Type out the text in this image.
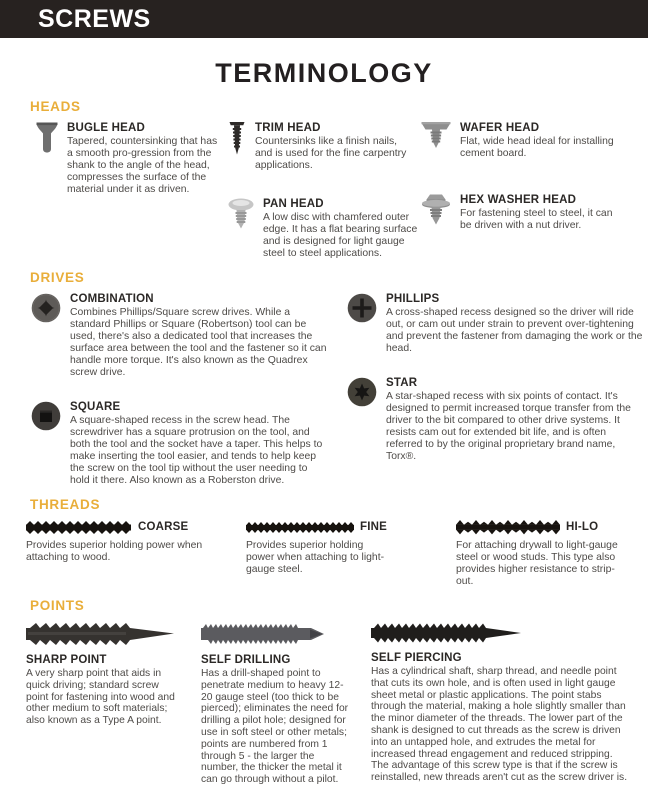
SCREWS
TERMINOLOGY
HEADS
BUGLE HEAD
Tapered, countersinking that has a smooth pro-gression from the shank to the angle of the head, compresses the surface of the material under it as driven.
TRIM HEAD
Countersinks like a finish nails, and is used for the fine carpentry applications.
PAN HEAD
A low disc with chamfered outer edge. It has a flat bearing surface and is designed for light gauge steel to steel applications.
WAFER HEAD
Flat, wide head ideal for installing cement board.
HEX WASHER HEAD
For fastening steel to steel, it can be driven with a nut driver.
DRIVES
COMBINATION
Combines Phillips/Square screw drives. While a standard Phillips or Square (Robertson) tool can be used, there's also a dedicated tool that increases the surface area between the tool and the fastener so it can handle more torque. It's also known as the Quadrex screw drive.
SQUARE
A square-shaped recess in the screw head. The screwdriver has a square protrusion on the tool, and both the tool and the socket have a taper. This helps to make inserting the tool easier, and tends to help keep the screw on the tool tip without the user needing to hold it there. Also known as a Roberston drive.
PHILLIPS
A cross-shaped recess designed so the driver will ride out, or cam out under strain to prevent over-tightening and prevent the fastener from damaging the work or the head.
STAR
A star-shaped recess with six points of contact. It's designed to permit increased torque transfer from the driver to the bit compared to other drive systems. It resists cam out for extended bit life, and is often referred to by the original proprietary brand name, Torx®.
THREADS
COARSE
Provides superior holding power when attaching to wood.
FINE
Provides superior holding power when attaching to light-gauge steel.
HI-LO
For attaching drywall to light-gauge steel or wood studs. This type also provides higher resistance to strip-out.
POINTS
SHARP POINT
A very sharp point that aids in quick driving; standard screw point for fastening into wood and other medium to soft materials; also known as a Type A point.
SELF DRILLING
Has a drill-shaped point to penetrate medium to heavy 12-20 gauge steel (too thick to be pierced); eliminates the need for drilling a pilot hole; designed for use in soft steel or other metals; points are numbered from 1 through 5 - the larger the number, the thicker the metal it can go through without a pilot.
SELF PIERCING
Has a cylindrical shaft, sharp thread, and needle point that cuts its own hole, and is often used in light gauge sheet metal or plastic applications. The point stabs through the material, making a hole slightly smaller than the minor diameter of the threads. The lower part of the shank is designed to cut threads as the screw is driven into an untapped hole, and extrudes the metal for increased thread engagement and reduced stripping. The advantage of this screw type is that if the screw is reinstalled, new threads aren't cut as the screw driver is.
